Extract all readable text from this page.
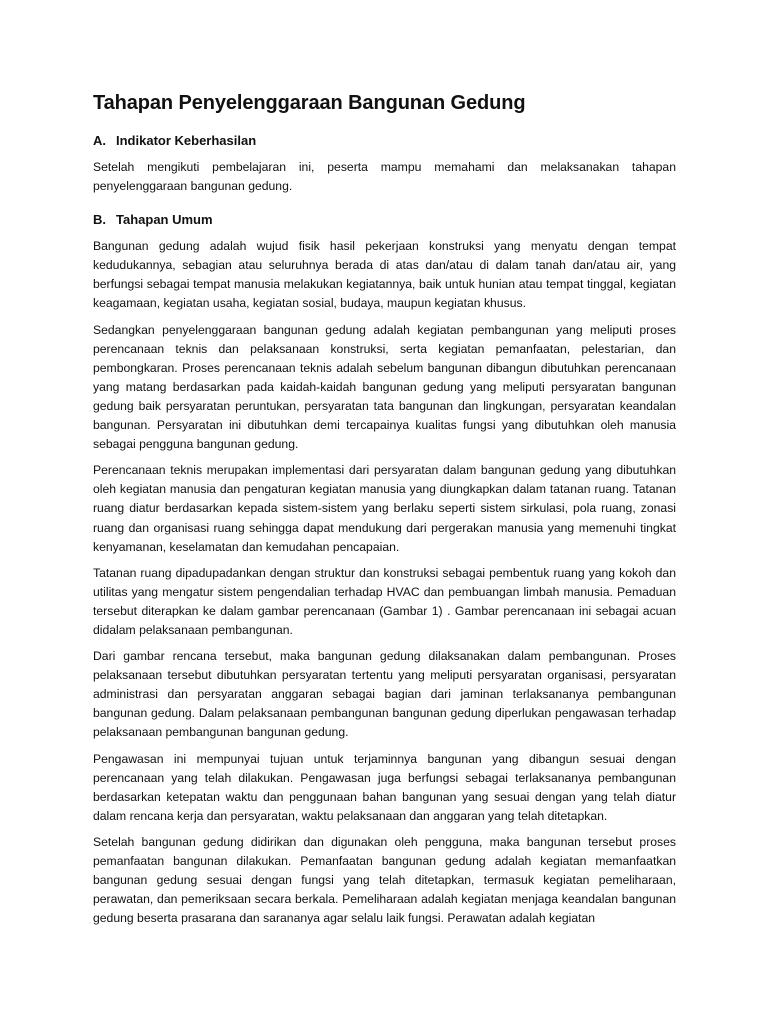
Tahapan Penyelenggaraan Bangunan Gedung
A. Indikator Keberhasilan

Setelah mengikuti pembelajaran ini, peserta mampu memahami dan melaksanakan tahapan penyelenggaraan bangunan gedung.

B. Tahapan Umum

Bangunan gedung adalah wujud fisik hasil pekerjaan konstruksi yang menyatu dengan tempat kedudukannya, sebagian atau seluruhnya berada di atas dan/atau di dalam tanah dan/atau air, yang berfungsi sebagai tempat manusia melakukan kegiatannya, baik untuk hunian atau tempat tinggal, kegiatan keagamaan, kegiatan usaha, kegiatan sosial, budaya, maupun kegiatan khusus.

Sedangkan penyelenggaraan bangunan gedung adalah kegiatan pembangunan yang meliputi proses perencanaan teknis dan pelaksanaan konstruksi, serta kegiatan pemanfaatan, pelestarian, dan pembongkaran. Proses perencanaan teknis adalah sebelum bangunan dibangun dibutuhkan perencanaan yang matang berdasarkan pada kaidah-kaidah bangunan gedung yang meliputi persyaratan bangunan gedung baik persyaratan peruntukan, persyaratan tata bangunan dan lingkungan, persyaratan keandalan bangunan. Persyaratan ini dibutuhkan demi tercapainya kualitas fungsi yang dibutuhkan oleh manusia sebagai pengguna bangunan gedung.

Perencanaan teknis merupakan implementasi dari persyaratan dalam bangunan gedung yang dibutuhkan oleh kegiatan manusia dan pengaturan kegiatan manusia yang diungkapkan dalam tatanan ruang. Tatanan ruang diatur berdasarkan kepada sistem-sistem yang berlaku seperti sistem sirkulasi, pola ruang, zonasi ruang dan organisasi ruang sehingga dapat mendukung dari pergerakan manusia yang memenuhi tingkat kenyamanan, keselamatan dan kemudahan pencapaian.

Tatanan ruang dipadupadankan dengan struktur dan konstruksi sebagai pembentuk ruang yang kokoh dan utilitas yang mengatur sistem pengendalian terhadap HVAC dan pembuangan limbah manusia. Pemaduan tersebut diterapkan ke dalam gambar perencanaan (Gambar 1) . Gambar perencanaan ini sebagai acuan didalam pelaksanaan pembangunan.

Dari gambar rencana tersebut, maka bangunan gedung dilaksanakan dalam pembangunan. Proses pelaksanaan tersebut dibutuhkan persyaratan tertentu yang meliputi persyaratan organisasi, persyaratan administrasi dan persyaratan anggaran sebagai bagian dari jaminan terlaksananya pembangunan bangunan gedung. Dalam pelaksanaan pembangunan bangunan gedung diperlukan pengawasan terhadap pelaksanaan pembangunan bangunan gedung.

Pengawasan ini mempunyai tujuan untuk terjaminnya bangunan yang dibangun sesuai dengan perencanaan yang telah dilakukan. Pengawasan juga berfungsi sebagai terlaksananya pembangunan berdasarkan ketepatan waktu dan penggunaan bahan bangunan yang sesuai dengan yang telah diatur dalam rencana kerja dan persyaratan, waktu pelaksanaan dan anggaran yang telah ditetapkan.

Setelah bangunan gedung didirikan dan digunakan oleh pengguna, maka bangunan tersebut proses pemanfaatan bangunan dilakukan. Pemanfaatan bangunan gedung adalah kegiatan memanfaatkan bangunan gedung sesuai dengan fungsi yang telah ditetapkan, termasuk kegiatan pemeliharaan, perawatan, dan pemeriksaan secara berkala. Pemeliharaan adalah kegiatan menjaga keandalan bangunan gedung beserta prasarana dan sarananya agar selalu laik fungsi. Perawatan adalah kegiatan
